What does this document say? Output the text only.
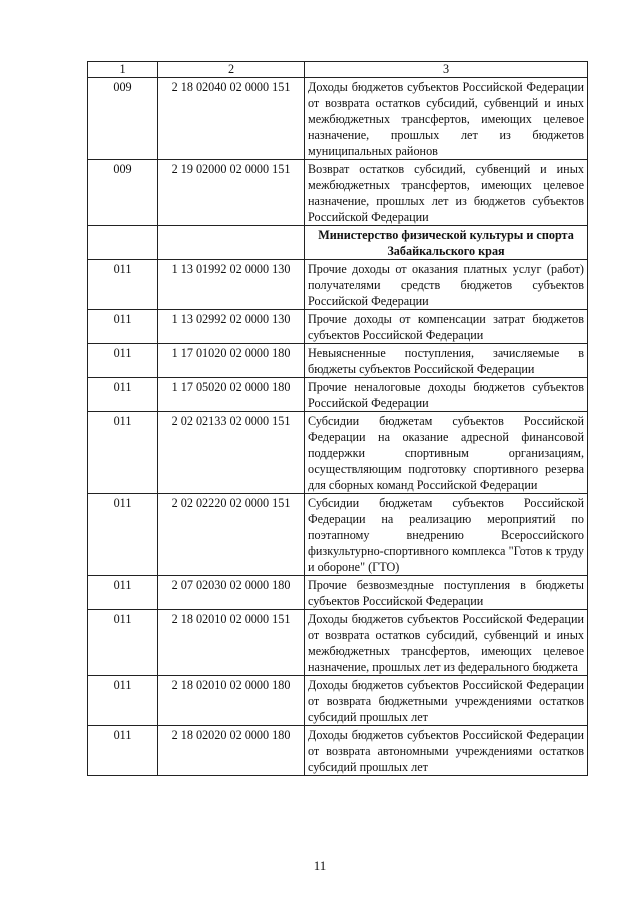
1	2	3
009	2 18 02040 02 0000 151	Доходы бюджетов субъектов Российской Федерации от возврата остатков субсидий, субвенций и иных межбюджетных трансфертов, имеющих целевое назначение, прошлых лет из бюджетов муниципальных районов
009	2 19 02000 02 0000 151	Возврат остатков субсидий, субвенций и иных межбюджетных трансфертов, имеющих целевое назначение, прошлых лет из бюджетов субъектов Российской Федерации
		Министерство физической культуры и спорта Забайкальского края
011	1 13 01992 02 0000 130	Прочие доходы от оказания платных услуг (работ) получателями средств бюджетов субъектов Российской Федерации
011	1 13 02992 02 0000 130	Прочие доходы от компенсации затрат бюджетов субъектов Российской Федерации
011	1 17 01020 02 0000 180	Невыясненные поступления, зачисляемые в бюджеты субъектов Российской Федерации
011	1 17 05020 02 0000 180	Прочие неналоговые доходы бюджетов субъектов Российской Федерации
011	2 02 02133 02 0000 151	Субсидии бюджетам субъектов Российской Федерации на оказание адресной финансовой поддержки спортивным организациям, осуществляющим подготовку спортивного резерва для сборных команд Российской Федерации
011	2 02 02220 02 0000 151	Субсидии бюджетам субъектов Российской Федерации на реализацию мероприятий по поэтапному внедрению Всероссийского физкультурно-спортивного комплекса "Готов к труду и обороне" (ГТО)
011	2 07 02030 02 0000 180	Прочие безвозмездные поступления в бюджеты субъектов Российской Федерации
011	2 18 02010 02 0000 151	Доходы бюджетов субъектов Российской Федерации от возврата остатков субсидий, субвенций и иных межбюджетных трансфертов, имеющих целевое назначение, прошлых лет из федерального бюджета
011	2 18 02010 02 0000 180	Доходы бюджетов субъектов Российской Федерации от возврата бюджетными учреждениями остатков субсидий прошлых лет
011	2 18 02020 02 0000 180	Доходы бюджетов субъектов Российской Федерации от возврата автономными учреждениями остатков субсидий прошлых лет
11
